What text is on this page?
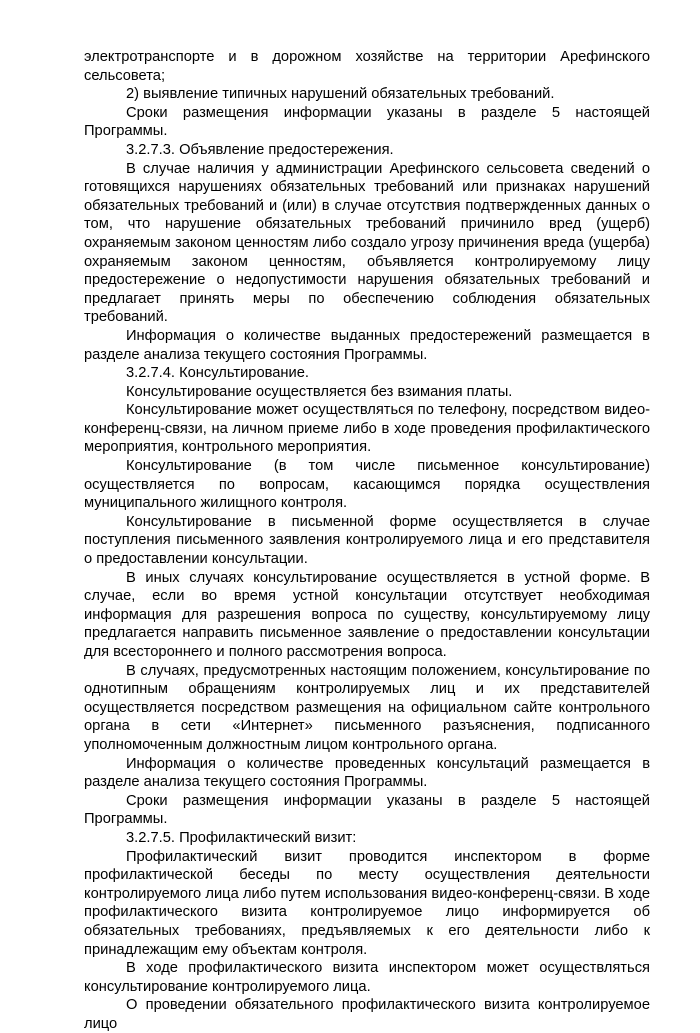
электротранспорте и в дорожном хозяйстве на территории Арефинского сельсовета;

2) выявление типичных нарушений обязательных требований.

Сроки размещения информации указаны в разделе 5 настоящей Программы.

3.2.7.3. Объявление предостережения.

В случае наличия у администрации Арефинского сельсовета сведений о готовящихся нарушениях обязательных требований или признаках нарушений обязательных требований и (или) в случае отсутствия подтвержденных данных о том, что нарушение обязательных требований причинило вред (ущерб) охраняемым законом ценностям либо создало угрозу причинения вреда (ущерба) охраняемым законом ценностям, объявляется контролируемому лицу предостережение о недопустимости нарушения обязательных требований и предлагает принять меры по обеспечению соблюдения обязательных требований.

Информация о количестве выданных предостережений размещается в разделе анализа текущего состояния Программы.

3.2.7.4. Консультирование.

Консультирование осуществляется без взимания платы.

Консультирование может осуществляться по телефону, посредством видео-конференц-связи, на личном приеме либо в ходе проведения профилактического мероприятия, контрольного мероприятия.

Консультирование (в том числе письменное консультирование) осуществляется по вопросам, касающимся порядка осуществления муниципального жилищного контроля.

Консультирование в письменной форме осуществляется в случае поступления письменного заявления контролируемого лица и его представителя о предоставлении консультации.

В иных случаях консультирование осуществляется в устной форме. В случае, если во время устной консультации отсутствует необходимая информация для разрешения вопроса по существу, консультируемому лицу предлагается направить письменное заявление о предоставлении консультации для всестороннего и полного рассмотрения вопроса.

В случаях, предусмотренных настоящим положением, консультирование по однотипным обращениям контролируемых лиц и их представителей осуществляется посредством размещения на официальном сайте контрольного органа в сети «Интернет» письменного разъяснения, подписанного уполномоченным должностным лицом контрольного органа.

Информация о количестве проведенных консультаций размещается в разделе анализа текущего состояния Программы.

Сроки размещения информации указаны в разделе 5 настоящей Программы.

3.2.7.5. Профилактический визит:

Профилактический визит проводится инспектором в форме профилактической беседы по месту осуществления деятельности контролируемого лица либо путем использования видео-конференц-связи. В ходе профилактического визита контролируемое лицо информируется об обязательных требованиях, предъявляемых к его деятельности либо к принадлежащим ему объектам контроля.

В ходе профилактического визита инспектором может осуществляться консультирование контролируемого лица.

О проведении обязательного профилактического визита контролируемое лицо
